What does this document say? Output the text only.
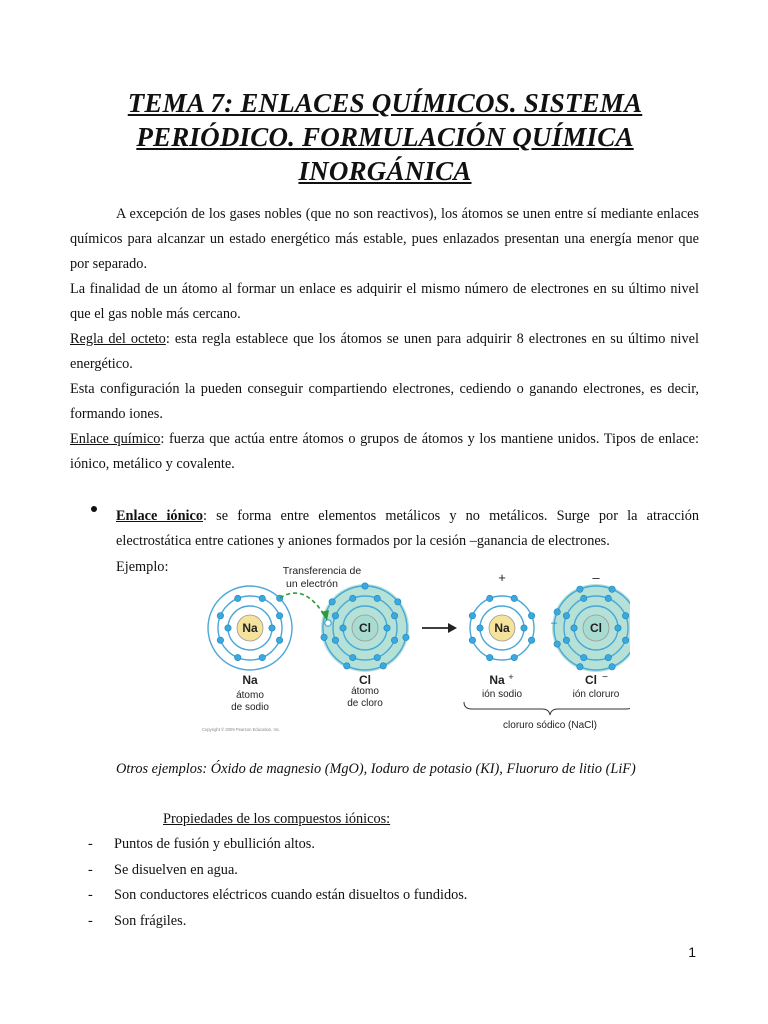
TEMA 7: ENLACES QUÍMICOS. SISTEMA
PERIÓDICO. FORMULACIÓN QUÍMICA
INORGÁNICA
A excepción de los gases nobles (que no son reactivos), los átomos se unen entre sí mediante enlaces químicos para alcanzar un estado energético más estable, pues enlazados presentan una energía menor que por separado.
La finalidad de un átomo al formar un enlace es adquirir el mismo número de electrones en su último nivel que el gas noble más cercano.
Regla del octeto: esta regla establece que los átomos se unen para adquirir 8 electrones en su último nivel energético.
Esta configuración la pueden conseguir compartiendo electrones, cediendo o ganando electrones, es decir, formando iones.
Enlace químico: fuerza que actúa entre átomos o grupos de átomos y los mantiene unidos. Tipos de enlace: iónico, metálico y covalente.
Enlace iónico: se forma entre elementos metálicos y no metálicos. Surge por la atracción electrostática entre cationes y aniones formados por la cesión –ganancia de electrones.
Ejemplo:
Na	Cl	Na	Cl
Transferencia de
un electrón	+	–
–
Na
átomo
de sodio
Cl
átomo
de cloro
Na +
ión sodio
Cl −
ión cloruro
cloruro sódico (NaCl)
Copyright © 2009 Pearson Education, Inc.
Otros ejemplos: Óxido de magnesio (MgO), Ioduro de potasio (KI), Fluoruro de litio (LiF)
Propiedades de los compuestos iónicos:
- Puntos de fusión y ebullición altos.
- Se disuelven en agua.
- Son conductores eléctricos cuando están disueltos o fundidos.
- Son frágiles.
1
